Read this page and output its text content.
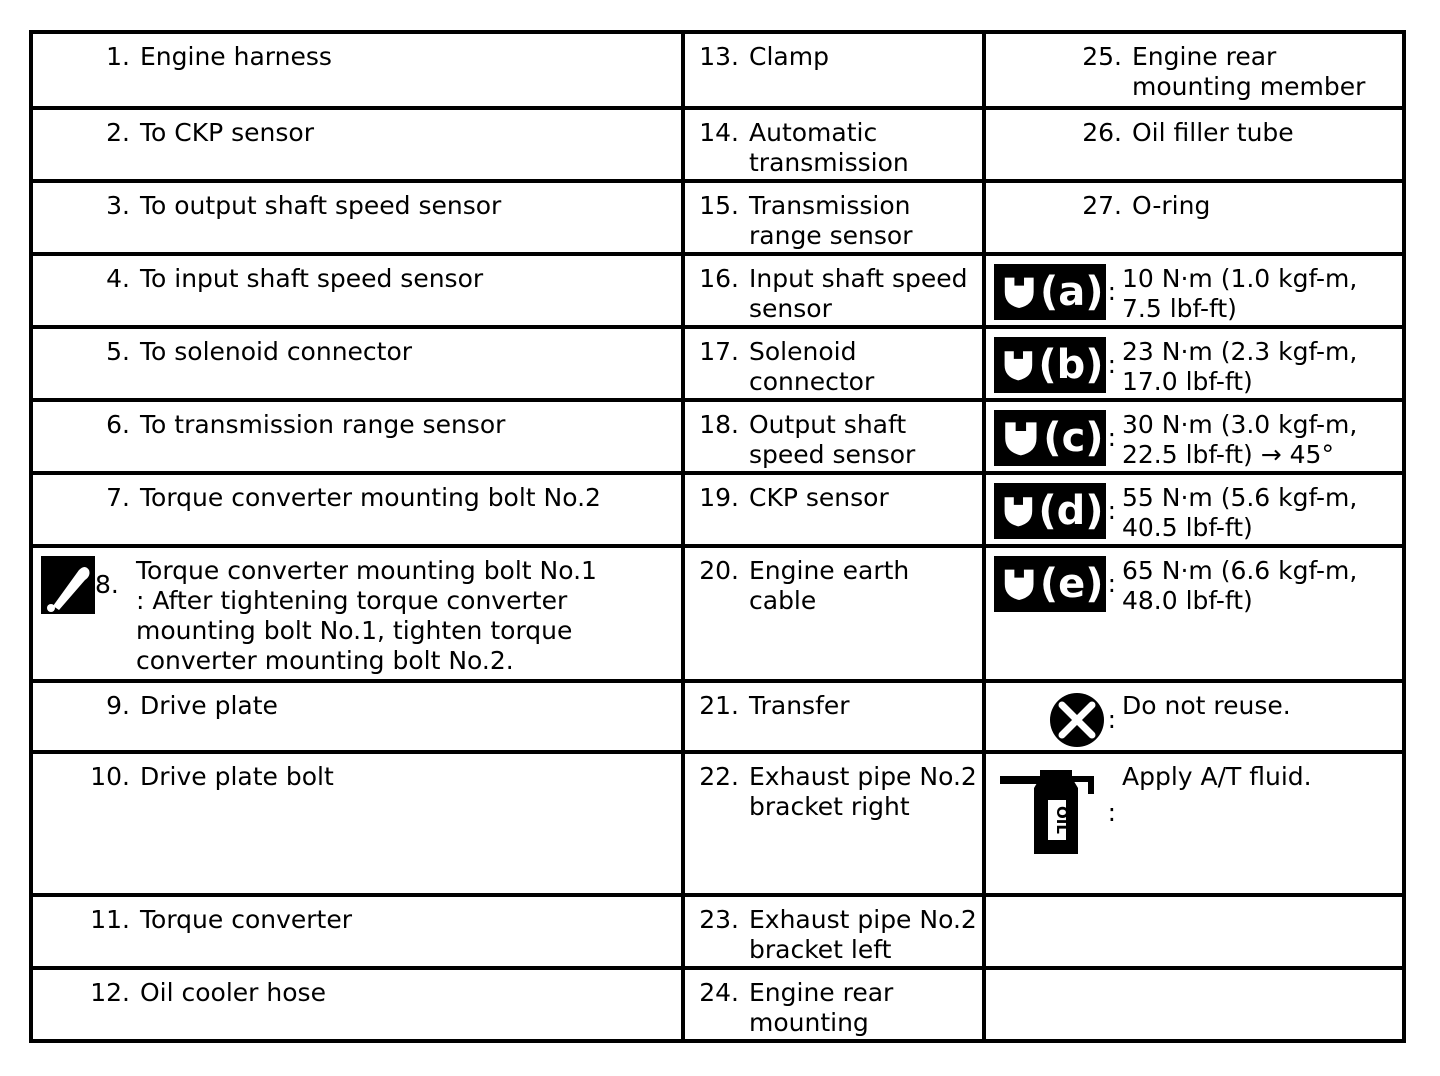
1. Engine harness	13. Clamp	25. Engine rear
mounting member

2. To CKP sensor	14. Automatic
transmission	26. Oil filler tube

3. To output shaft speed sensor	15. Transmission
range sensor	27. O-ring

4. To input shaft speed sensor	16. Input shaft speed
sensor	(a) : 10 N·m (1.0 kgf-m,
7.5 lbf-ft)

5. To solenoid connector	17. Solenoid
connector	(b) : 23 N·m (2.3 kgf-m,
17.0 lbf-ft)

6. To transmission range sensor	18. Output shaft
speed sensor	(c) : 30 N·m (3.0 kgf-m,
22.5 lbf-ft) → 45°

7. Torque converter mounting bolt No.2	19. CKP sensor	(d) : 55 N·m (5.6 kgf-m,
40.5 lbf-ft)

8. Torque converter mounting bolt No.1
: After tightening torque converter
mounting bolt No.1, tighten torque
converter mounting bolt No.2.	20. Engine earth
cable	(e) : 65 N·m (6.6 kgf-m,
48.0 lbf-ft)

9. Drive plate	21. Transfer	: Do not reuse.

10. Drive plate bolt	22. Exhaust pipe No.2
bracket right	OIL :
Apply A/T fluid.

11. Torque converter	23. Exhaust pipe No.2
bracket left	

12. Oil cooler hose	24. Engine rear
mounting	
